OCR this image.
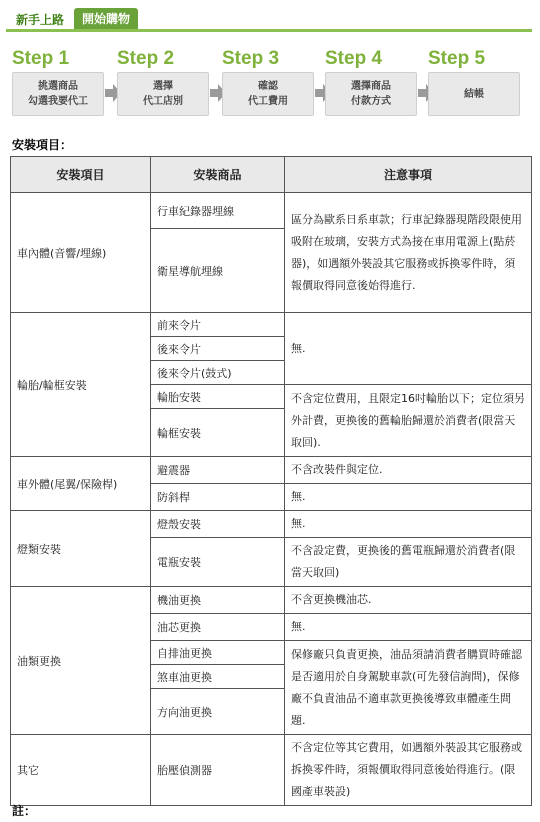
新手上路	開始購物
Step 1
挑選商品
勾選我要代工
Step 2
選擇
代工店別
Step 3
確認
代工費用
Step 4
選擇商品
付款方式
Step 5
結帳
安裝項目：
安裝項目	安裝商品	注意事項
車內體(音響/埋線)	行車紀錄器埋線	區分為歐系日系車款；行車記錄器現階段限使用吸附在玻璃，安裝方式為接在車用電源上(點菸器)，如遇額外裝設其它服務或拆換零件時，須報價取得同意後始得進行.
	衛星導航埋線	
輪胎/輪框安裝	前來令片	無.
	後來令片	
	後來令片(鼓式)	
	輪胎安裝	不含定位費用，且限定16吋輪胎以下；定位須另外計費，更換後的舊輪胎歸還於消費者(限當天取回).
	輪框安裝	
車外體(尾翼/保險桿)	避震器	不含改裝件與定位.
	防斜桿	無.
燈類安裝	燈殼安裝	無.
	電瓶安裝	不含設定費，更換後的舊電瓶歸還於消費者(限當天取回)
油類更換	機油更換	不含更換機油芯.
	油芯更換	無.
	自排油更換	保修廠只負責更換，油品須請消費者購買時確認是否適用於自身駕駛車款(可先發信詢問)，保修廠不負責油品不適車款更換後導致車體產生問題.
	煞車油更換	
	方向油更換	
其它	胎壓偵測器	不含定位等其它費用，如遇額外裝設其它服務或拆換零件時，須報價取得同意後始得進行。(限國產車裝設)
註：
